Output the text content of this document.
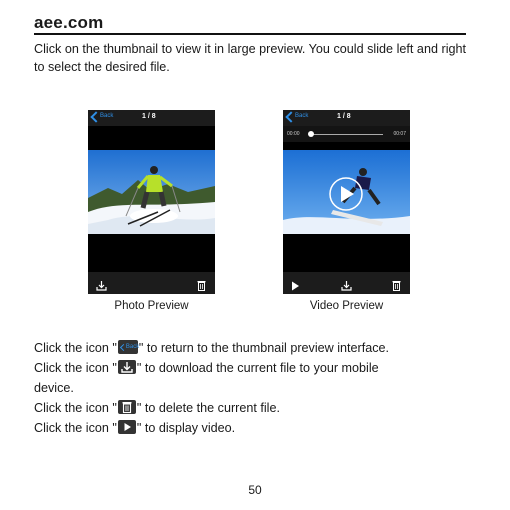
aee.com
Click on the thumbnail to view it in large preview. You could slide left and right to select the desired file.
Back	1 / 8
Photo Preview
Back	1 / 8
00:00	00:07
Video Preview
Click the icon " Back " to return to the thumbnail preview interface.
Click the icon " " to download the current file to your mobile
device.
Click the icon " " to delete the current file.
Click the icon " " to display video.
50
